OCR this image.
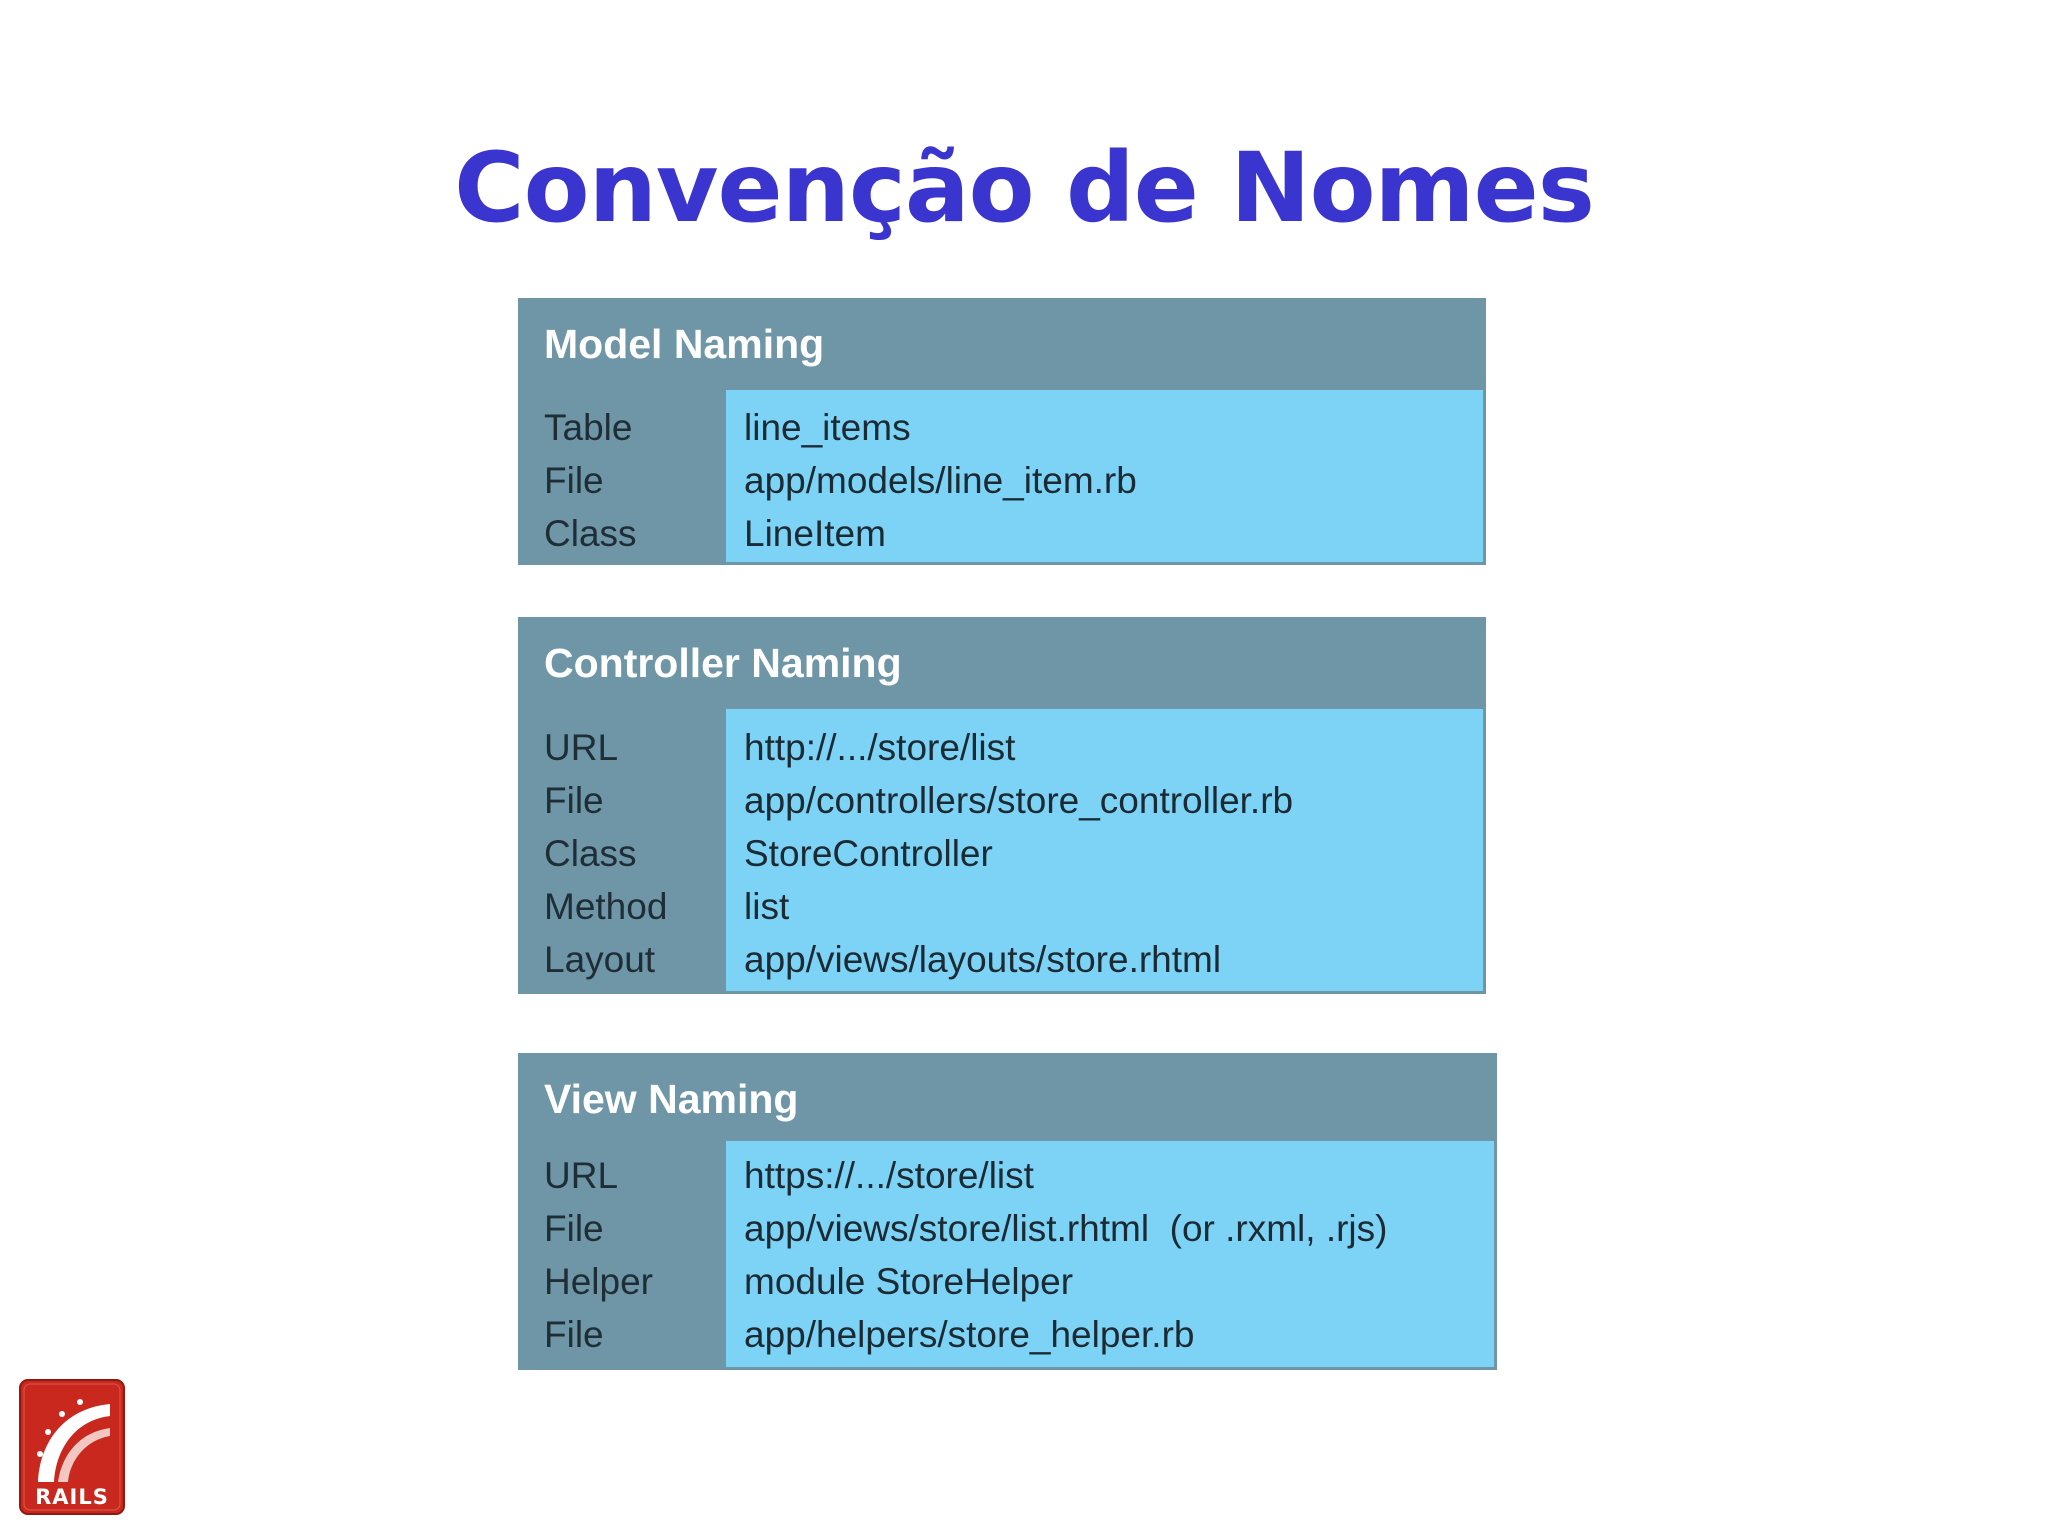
Convenção de Nomes
Model Naming
Table
File
Class
line_items
app/models/line_item.rb
LineItem
Controller Naming
URL
File
Class
Method
Layout
http://.../store/list
app/controllers/store_controller.rb
StoreController
list
app/views/layouts/store.rhtml
View Naming
URL
File
Helper
File
https://.../store/list
app/views/store/list.rhtml  (or .rxml, .rjs)
module StoreHelper
app/helpers/store_helper.rb
RAILS
